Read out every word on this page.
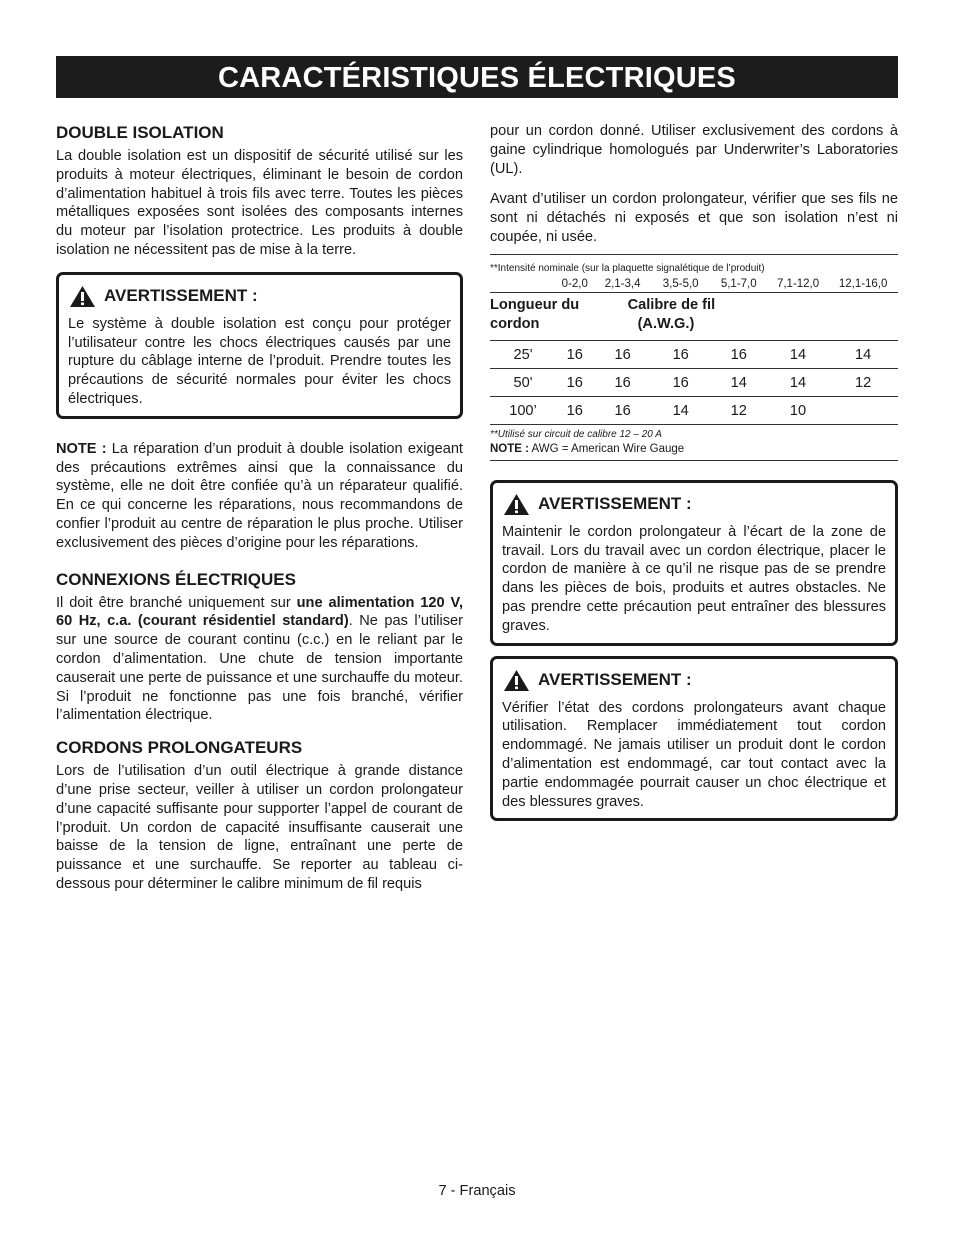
CARACTÉRISTIQUES ÉLECTRIQUES
DOUBLE ISOLATION

La double isolation est un dispositif de sécurité utilisé sur les produits à moteur électriques, éliminant le besoin de cordon d’alimentation habituel à trois fils avec terre. Toutes les pièces métalliques exposées sont isolées des composants internes du moteur par l’isolation protectrice. Les produits à double isolation ne nécessitent pas de mise à la terre.

AVERTISSEMENT :

Le système à double isolation est conçu pour protéger l’utilisateur contre les chocs électriques causés par une rupture du câblage interne de l’produit. Prendre toutes les précautions de sécurité normales pour éviter les chocs électriques.

NOTE : La réparation d’un produit à double isolation exigeant des précautions extrêmes ainsi que la connaissance du système, elle ne doit être confiée qu’à un réparateur qualifié. En ce qui concerne les réparations, nous recommandons de confier l’produit au centre de réparation le plus proche. Utiliser exclusivement des pièces d’origine pour les réparations.

CONNEXIONS ÉLECTRIQUES

Il doit être branché uniquement sur une alimentation 120 V, 60 Hz, c.a. (courant résidentiel standard). Ne pas l’utiliser sur une source de courant continu (c.c.) en le reliant par le cordon d’alimentation. Une chute de tension importante causerait une perte de puissance et une surchauffe du moteur. Si l’produit ne fonctionne pas une fois branché, vérifier l’alimentation électrique.

CORDONS PROLONGATEURS

Lors de l’utilisation d’un outil électrique à grande distance d’une prise secteur, veiller à utiliser un cordon prolongateur d’une capacité suffisante pour supporter l’appel de courant de l’produit. Un cordon de capacité insuffisante causerait une baisse de la tension de ligne, entraînant une perte de puissance et une surchauffe. Se reporter au tableau ci-dessous pour déterminer le calibre minimum de fil requis

pour un cordon donné. Utiliser exclusivement des cordons à gaine cylindrique homologués par Underwriter’s Laboratories (UL).

Avant d’utiliser un cordon prolongateur, vérifier que ses fils ne sont ni détachés ni exposés et que son isolation n’est ni coupée, ni usée.

**Intensité nominale (sur la plaquette signalétique de l’produit)
	0-2,0	2,1-3,4	3,5-5,0	5,1-7,0	7,1-12,0	12,1-16,0
Longueur du
cordon		Calibre de fil
(A.W.G.)				
25'	16	16	16	16	14	14
50'	16	16	16	14	14	12
100’	16	16	14	12	10	
**Utilisé sur circuit de calibre 12 – 20 A
NOTE : AWG = American Wire Gauge
AVERTISSEMENT :

Maintenir le cordon prolongateur à l’écart de la zone de travail. Lors du travail avec un cordon électrique, placer le cordon de manière à ce qu’il ne risque pas de se prendre dans les pièces de bois, produits et autres obstacles. Ne pas prendre cette précaution peut entraîner des blessures graves.

AVERTISSEMENT :

Vérifier l’état des cordons prolongateurs avant chaque utilisation. Remplacer immédiatement tout cordon endommagé. Ne jamais utiliser un produit dont le cordon d’alimentation est endommagé, car tout contact avec la partie endommagée pourrait causer un choc électrique et des blessures graves.

7 - Français
